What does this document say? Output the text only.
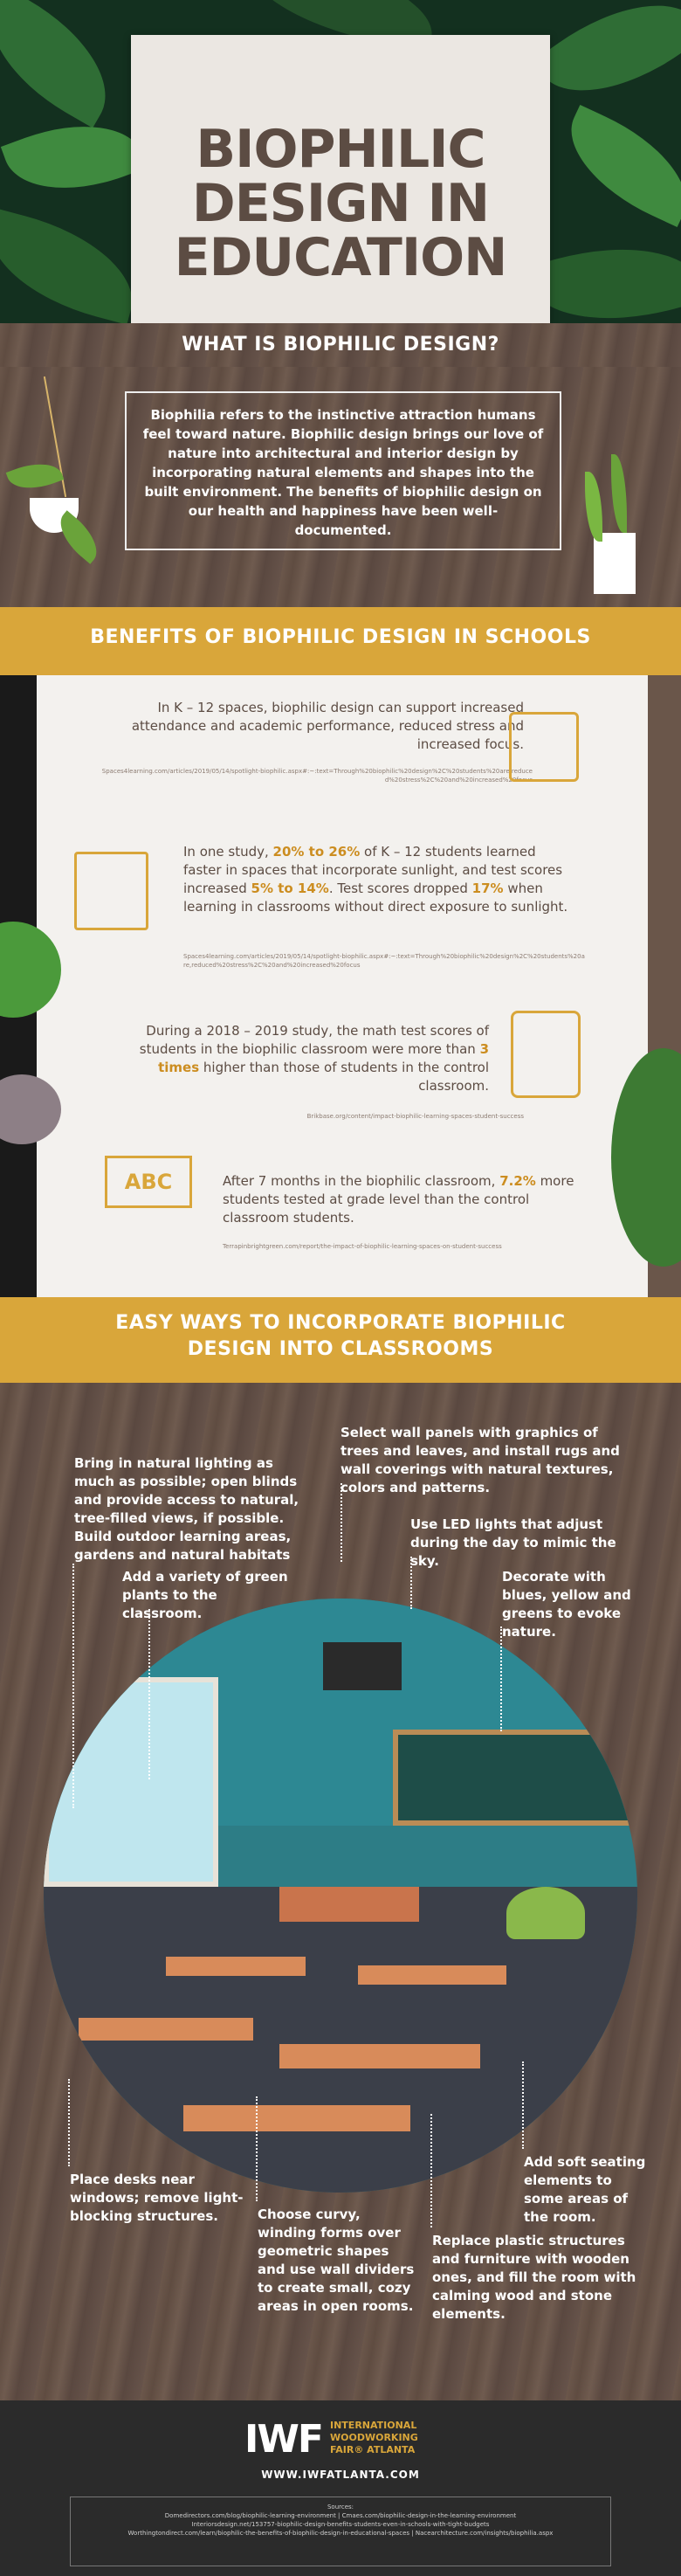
BIOPHILIC
DESIGN IN
EDUCATION
WHAT IS BIOPHILIC DESIGN?
Biophilia refers to the instinctive attraction humans feel toward nature. Biophilic design brings our love of nature into architectural and interior design by incorporating natural elements and shapes into the built environment. The benefits of biophilic design on our health and happiness have been well-documented.
BENEFITS OF BIOPHILIC DESIGN IN SCHOOLS
In K – 12 spaces, biophilic design can support increased attendance and academic performance, reduced stress and increased focus.
Spaces4learning.com/articles/2019/05/14/spotlight-biophilic.aspx#:~:text=Through%20biophilic%20design%2C%20students%20are,reduced%20stress%2C%20and%20increased%20focus
In one study, 20% to 26% of K – 12 students learned faster in spaces that incorporate sunlight, and test scores increased 5% to 14%. Test scores dropped 17% when learning in classrooms without direct exposure to sunlight.
Spaces4learning.com/articles/2019/05/14/spotlight-biophilic.aspx#:~:text=Through%20biophilic%20design%2C%20students%20are,reduced%20stress%2C%20and%20increased%20focus
During a 2018 – 2019 study, the math test scores of students in the biophilic classroom were more than 3 times higher than those of students in the control classroom.
Brikbase.org/content/impact-biophilic-learning-spaces-student-success
ABC	After 7 months in the biophilic classroom, 7.2% more students tested at grade level than the control classroom students.
Terrapinbrightgreen.com/report/the-impact-of-biophilic-learning-spaces-on-student-success
EASY WAYS TO INCORPORATE BIOPHILIC
DESIGN INTO CLASSROOMS
Bring in natural lighting as much as possible; open blinds and provide access to natural, tree-filled views, if possible. Build outdoor learning areas, gardens and natural habitats
Add a variety of green plants to the classroom.
Select wall panels with graphics of trees and leaves, and install rugs and wall coverings with natural textures, colors and patterns.
Use LED lights that adjust during the day to mimic the sky.
Decorate with blues, yellow and greens to evoke nature.
Place desks near windows; remove light-blocking structures.	Choose curvy, winding forms over geometric shapes and use wall dividers to create small, cozy areas in open rooms.
Replace plastic structures and furniture with wooden ones, and fill the room with calming wood and stone elements.
Add soft seating elements to some areas of the room.
IWF INTERNATIONAL
WOODWORKING
FAIR® ATLANTA
WWW.IWFATLANTA.COM
Sources:
Domedirectors.com/blog/biophilic-learning-environment | Cmaes.com/biophilic-design-in-the-learning-environment
Interiorsdesign.net/153757-biophilic-design-benefits-students-even-in-schools-with-tight-budgets
Worthingtondirect.com/learn/biophilic-the-benefits-of-biophilic-design-in-educational-spaces | Nacearchitecture.com/insights/biophilia.aspx
